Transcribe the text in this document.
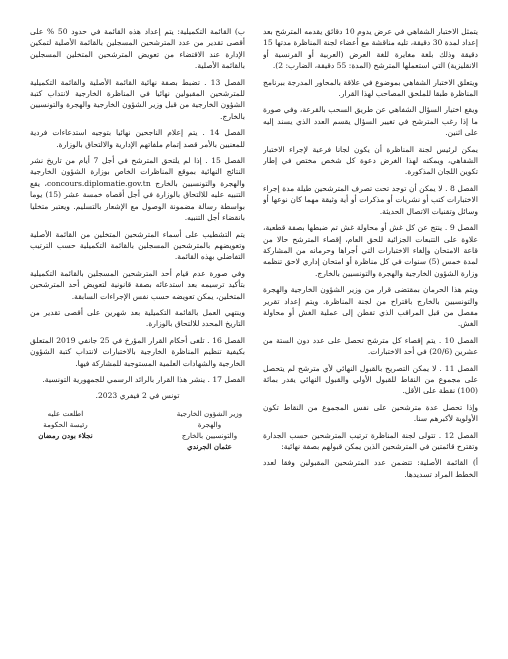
يتمثل الاختبار الشفاهي في عرض يدوم 10 دقائق يقدمه المترشح بعد إعداد لمدة 30 دقيقة، تليه مناقشة مع أعضاء لجنة المناظرة مدتها 15 دقيقة وذلك بلغة مغايرة للغة العرض (العربية أو الفرنسية أو الانقليزية) التي استعملها المترشح (المدة: 55 دقيقة، الضارب: 2).

ويتعلق الاختبار الشفاهي بموضوع في علاقة بالمحاور المدرجة ببرنامج المناظرة طبقا للملحق المصاحب لهذا القرار.

ويقع اختيار السؤال الشفاهي عن طريق السحب بالقرعة، وفي صورة ما إذا رغب المترشح في تغيير السؤال يقسم العدد الذي يسند إليه على اثنين.

يمكن لرئيس لجنة المناظرة أن يكون لجانا فرعية لإجراء الاختبار الشفاهي، ويمكنه لهذا الغرض دعوة كل شخص مختص في إطار تكوين اللجان المذكورة.

الفصل 8 . لا يمكن أن توجد تحت تصرف المترشحين طيلة مدة إجراء الاختبارات كتب أو نشريات أو مذكرات أو أية وثيقة مهما كان نوعها أو وسائل وتقنيات الاتصال الحديثة.

الفصل 9 . ينتج عن كل غش أو محاولة غش تم ضبطها بصفة قطعية، علاوة على التتبعات الجزائية للحق العام، إقصاء المترشح حالا من قاعة الامتحان وإلغاء الاختبارات التي أجراها وحرمانه من المشاركة لمدة خمس (5) سنوات في كل مناظرة أو امتحان إداري لاحق تنظمه وزارة الشؤون الخارجية والهجرة والتونسيين بالخارج.

ويتم هذا الحرمان بمقتضى قرار من وزير الشؤون الخارجية والهجرة والتونسيين بالخارج باقتراح من لجنة المناظرة. ويتم إعداد تقرير مفصل من قبل المراقب الذي تفطن إلى عملية الغش أو محاولة الغش.

الفصل 10 . يتم إقصاء كل مترشح تحصل على عدد دون الستة من عشرين (20/6) في أحد الاختبارات.

الفصل 11 . لا يمكن التصريح بالقبول النهائي لأي مترشح لم يتحصل على مجموع من النقاط للقبول الأولي والقبول النهائي يقدر بمائة (100) نقطة على الأقل.

وإذا تحصل عدة مترشحين على نفس المجموع من النقاط تكون الأولوية لأكبرهم سنا.

الفصل 12 . تتولى لجنة المناظرة ترتيب المترشحين حسب الجدارة وتقترح قائمتين في المترشحين الذين يمكن قبولهم بصفة نهائية:

أ) القائمة الأصلية: تتضمن عدد المترشحين المقبولين وفقا لعدد الخطط المراد تسديدها.

ب) القائمة التكميلية: يتم إعداد هذه القائمة في حدود 50 % على أقصى تقدير من عدد المترشحين المسجلين بالقائمة الأصلية لتمكين الإدارة عند الاقتضاء من تعويض المترشحين المتخلين المسجلين بالقائمة الأصلية.

الفصل 13 . تضبط بصفة نهائية القائمة الأصلية والقائمة التكميلية للمترشحين المقبولين نهائيا في المناظرة الخارجية لانتداب كتبة الشؤون الخارجية من قبل وزير الشؤون الخارجية والهجرة والتونسيين بالخارج.

الفصل 14 . يتم إعلام الناجحين نهائيا بتوجيه استدعاءات فردية للمعنيين بالأمر قصد إتمام ملفاتهم الإدارية والالتحاق بالوزارة.

الفصل 15 . إذا لم يلتحق المترشح في أجل 7 أيام من تاريخ نشر النتائج النهائية بموقع المناظرات الخاص بوزارة الشؤون الخارجية والهجرة والتونسيين بالخارج concours.diplomatie.gov.tn، يقع التنبيه عليه للالتحاق بالوزارة في أجل أقصاه خمسة عشر (15) يوما بواسطة رسالة مضمونة الوصول مع الإشعار بالتسليم. ويعتبر متخليا بانقضاء أجل التنبيه.

يتم التشطيب على أسماء المترشحين المتخلين من القائمة الأصلية وتعويضهم بالمترشحين المسجلين بالقائمة التكميلية حسب الترتيب التفاضلي بهذه القائمة.

وفي صورة عدم قيام أحد المترشحين المسجلين بالقائمة التكميلية بتأكيد ترسيمه بعد استدعائه بصفة قانونية لتعويض أحد المترشحين المتخلين، يمكن تعويضه حسب نفس الإجراءات السابقة.

وينتهي العمل بالقائمة التكميلية بعد شهرين على أقصى تقدير من التاريخ المحدد للالتحاق بالوزارة.

الفصل 16 . تلغى أحكام القرار المؤرخ في 25 جانفي 2019 المتعلق بكيفية تنظيم المناظرة الخارجية بالاختبارات لانتداب كتبة الشؤون الخارجية والشهادات العلمية المستوجبة للمشاركة فيها.

الفصل 17 . ينشر هذا القرار بالرائد الرسمي للجمهورية التونسية.

تونس في 2 فيفري 2023.

وزير الشؤون الخارجية والهجرة
والتونسيين بالخارج
عثمان الجرندي
اطلعت عليه
رئيسة الحكومة
نجلاء بودن رمضان
